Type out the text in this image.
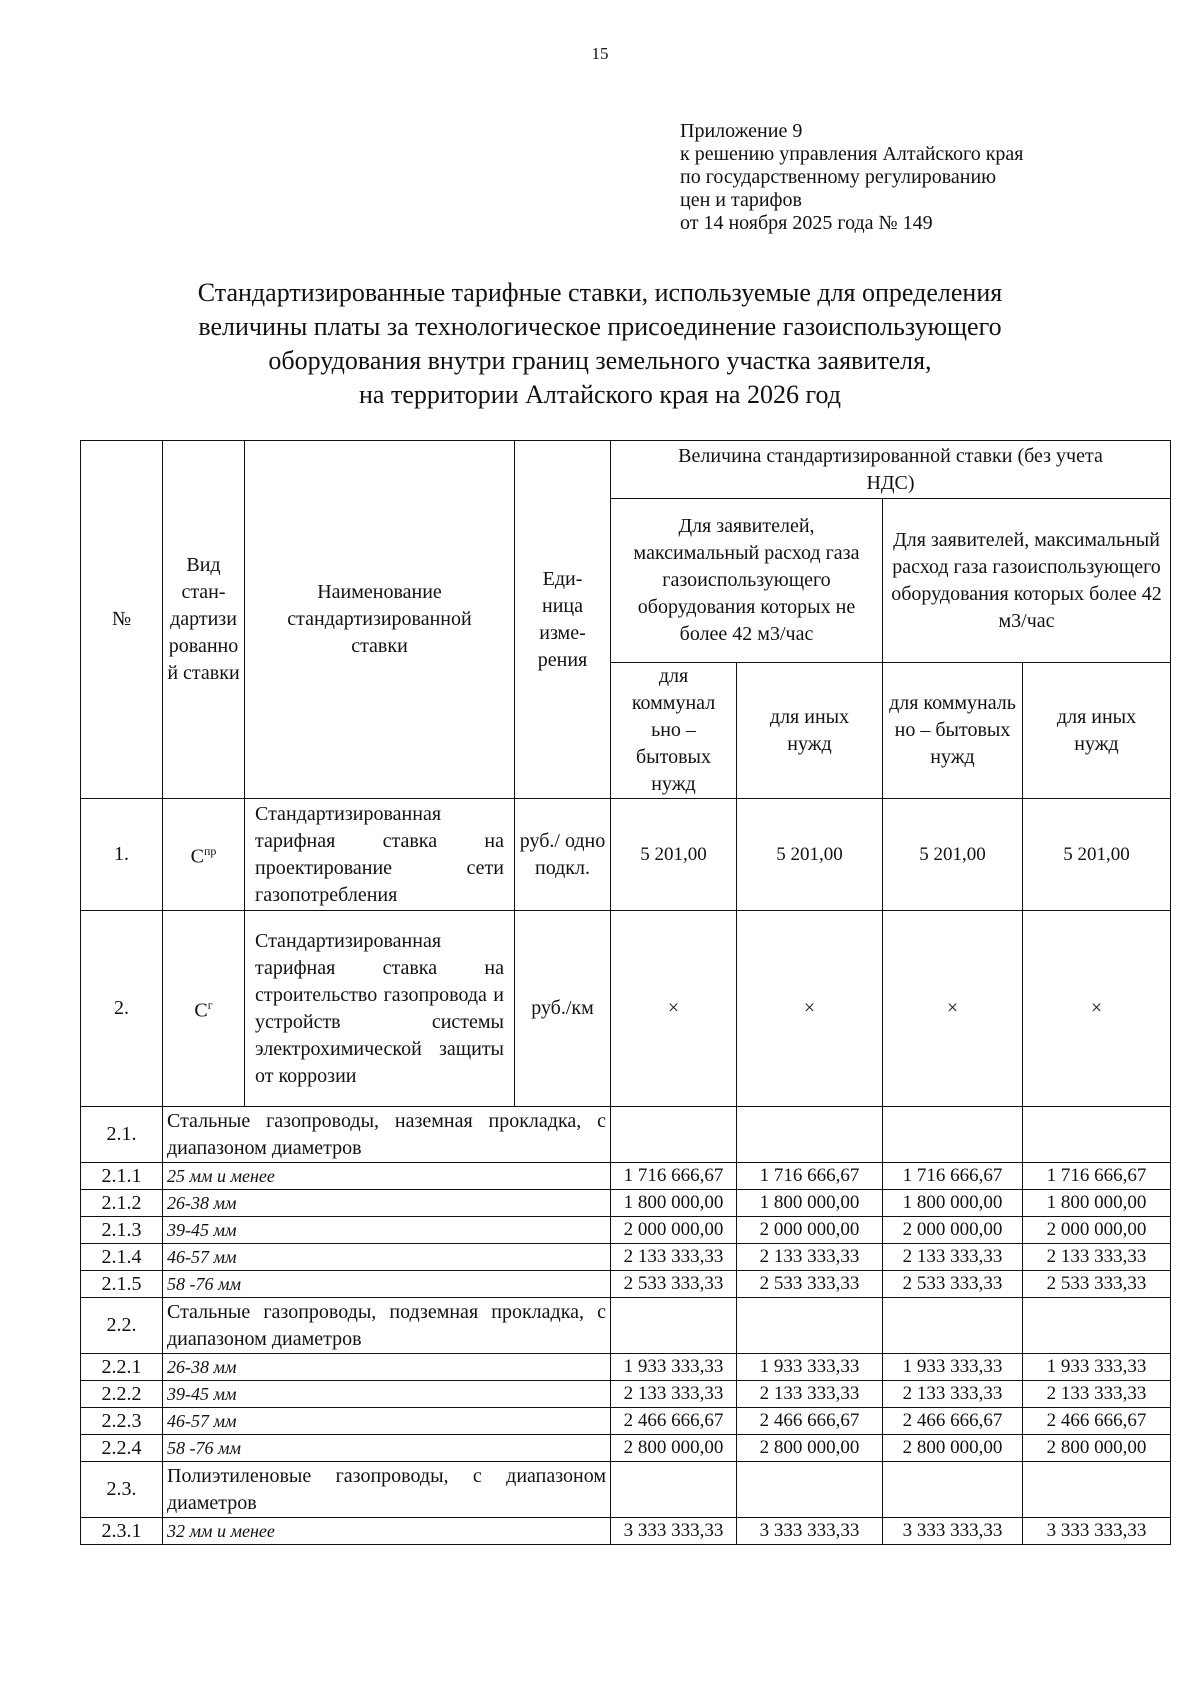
15
Приложение 9
к решению управления Алтайского края
по государственному регулированию
цен и тарифов
от 14 ноября 2025 года № 149
Стандартизированные тарифные ставки, используемые для определения
величины платы за технологическое присоединение газоиспользующего
оборудования внутри границ земельного участка заявителя,
на территории Алтайского края на 2026 год
№	Вид стан-дартизи рованно й ставки	Наименование стандартизированной ставки	Еди-ница изме-рения	Величина стандартизированной ставки (без учета НДС)			
				Для заявителей, максимальный расход газа газоиспользующего оборудования которых не более 42 м3/час		Для заявителей, максимальный расход газа газоиспользующего оборудования которых более 42 м3/час	
				для коммунал ьно – бытовых нужд	для иных нужд	для коммуналь но – бытовых нужд	для иных нужд
1.	$С^{пр}$	Стандартизированная тарифная ставка на проектирование сети газопотребления	руб./ одно подкл.	5 201,00	5 201,00	5 201,00	5 201,00
2.	$С^г$	Стандартизированная тарифная ставка на строительство газопровода и устройств системы электрохимической защиты от коррозии	руб./км	×	×	×	×
2.1.	Стальные газопроводы, наземная прокладка, с диапазоном диаметров						
2.1.1	25 мм и менее			1 716 666,67	1 716 666,67	1 716 666,67	1 716 666,67
2.1.2	26-38 мм			1 800 000,00	1 800 000,00	1 800 000,00	1 800 000,00
2.1.3	39-45 мм			2 000 000,00	2 000 000,00	2 000 000,00	2 000 000,00
2.1.4	46-57 мм			2 133 333,33	2 133 333,33	2 133 333,33	2 133 333,33
2.1.5	58 -76 мм			2 533 333,33	2 533 333,33	2 533 333,33	2 533 333,33
2.2.	Стальные газопроводы, подземная прокладка, с диапазоном диаметров						
2.2.1	26-38 мм			1 933 333,33	1 933 333,33	1 933 333,33	1 933 333,33
2.2.2	39-45 мм			2 133 333,33	2 133 333,33	2 133 333,33	2 133 333,33
2.2.3	46-57 мм			2 466 666,67	2 466 666,67	2 466 666,67	2 466 666,67
2.2.4	58 -76 мм			2 800 000,00	2 800 000,00	2 800 000,00	2 800 000,00
2.3.	Полиэтиленовые газопроводы, с диапазоном диаметров						
2.3.1	32 мм и менее			3 333 333,33	3 333 333,33	3 333 333,33	3 333 333,33
